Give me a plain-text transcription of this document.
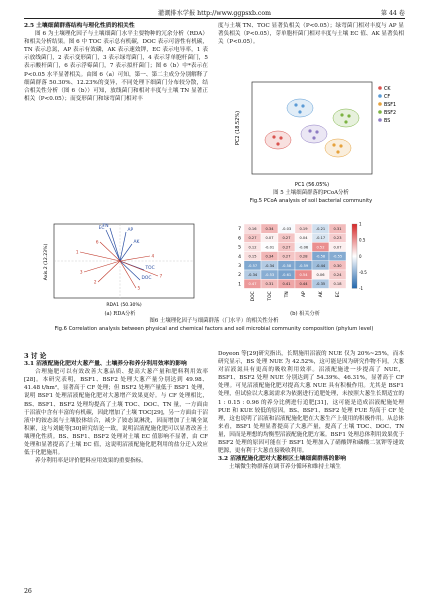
灌溉排水学报 http://www.ggpsxb.com	第 44 卷
2.5 土壤细菌群落结构与理化性质的相关性

图 6 为土壤理化因子与土壤细菌门水平主要物种的冗余分析（RDA）和相关分析结果。图 6 中 TOC 表示总有机碳，DOC 表示可溶性有机碳，TN 表示总氮，AP 表示有效磷，AK 表示速效钾，EC 表示电导率，1 表示放线菌门，2 表示变形菌门，3 表示绿弯菌门，4 表示芽单胞杆菌门，5 表示酸杆菌门，6 表示浮霉菌门，7 表示拟杆菌门；图 6（b）中*表示在 P<0.05 水平显著相关。由图 6（a）可知，第一、第二主成分分别解释了细菌群落 50.30%、12.23%的变异，不同处理下细菌门分布较分散，结合相关性分析（图 6（b））可知，放线菌门和相对丰度与土壤 TN 显著正相关（P<0.05）；而变形菌门和绿弯菌门相对丰

度与土壤 TN、TOC 显著负相关（P<0.05）；绿弯菌门相对丰度与 AP 显著负相关（P<0.05），芽单胞杆菌门相对丰度与土壤 EC 值、AK 显著负相关（P<0.05）。

PC1 (56.05%)
PC2 (18.52%)
CK
CF
BSF1
BSF2
BS
图 5 土壤细菌群落的PCoA分析
Fig.5 PCoA analysis of soil bacterial community
EC
TN
AP
AK
TOC
DOC
1
2
3
4
5
6
7
RDA1 (50.30%)
Axis.2 (12.23%)
(a) RDA分析
0.16 0.34 -0.03 0.19 -0.21 0.31
0.27 0.07 0.27 0.04 -0.17 0.23
0.12 -0.01 0.27 -0.06 0.52 0.07
0.15 0.34 0.27 0.28 -0.58 -0.55
-0.57 -0.34 -0.58 -0.59 -0.44 0.30
-0.34 -0.53 -0.61 0.54 0.06 0.24
0.47 0.31 0.41 0.44 -0.35 0.18
7
6
5
4
3
2
1
DOC	TOC	TN	AP	AK	EC
1
0.5
0
-0.5
-1
(b) 相关分析
图6 土壤理化因子与细菌群落（门水平）的相关性分析
Fig.6 Correlation analysis between physical and chemical factors and soil microbial community composition (phylum level)
3 讨 论
3.1 沼液配施化肥对大葱产量、土壤养分和养分利用效率的影响

合理施肥可以有效改善大葱品质、提高大葱产量和肥料利用效率[28]。本研究表明，BSF1、BSF2 处理大葱产量分别达到 49.98、41.48 t/hm²，显著高于 CF 处理；但 BSF2 处理产量低于 BSF1 处理，说明 BSF1 处理沼液配施化肥对大葱增产效果更好。与 CF 处理相比，BS、BSF1、BSF2 处理均提高了土壤 TOC、DOC、TN 量，一方面由于沼液中含有丰富的有机碳，因此增加了土壤 TOC[29]，另一方面由于沼液中的铵态氮与土壤胶体结合，减少了铵态氮淋洗，因而增加了土壤全氮积累，这与刘蜓等[30]研究结论一致，说明沼液配施化肥可以显著改善土壤理化性质。BS、BSF1、BSF2 处理对土壤 EC 值影响不显著，由 CF 处理和显著提高了土壤 EC 值，这说明沼液配施化肥利用的盐分迁入效应低于化肥施用。

养分利用率是评价肥料应用效果的重要指标。

Doyeon 等[29]研究指出，长期施用沼液的 NUE 仅为 20%~25%，而本研究显示，BS 处理 NUE 为 42.52%，这可能是因为研究作物不同，大葱对沼液氮具有更高的吸收利用效率。沼液配施进一步提高了 NUE，BSF1、BSF2 处理 NUE 分别达到了 54.39%、46.31%，显著高于 CF 处理。可见沼液配施化肥对提高大葱 NUE 具有积极作用。尤其是 BSF1 处理，但试验以大葱氮需求为依据进行追肥处理，未按照大葱生长期适宜的 1 : 0.15 : 0.96 的养分比例进行追肥[31]，这可能是造成沼液配施处理 PUE 和 KUE 较低的原因。BS、BSF1、BSF2 处理 FUE 均高于 CF 处理，这也说明了沼液和沼液配施化肥在大葱生产上使用的积极作用。从总体来看，BSF1 处理显著提高了大葱产量，提高了土壤 TOC、DOC、TN 量，因而是理想的均衡型沼液配施化肥方案。BSF1 处理总体利用效果优于 BSF2 处理的原因可能在于 BSF1 处理加入了硝酸钾和磷酸二氢钾等速效肥源，更有利于大葱直接吸收利用。

3.2 沼液配施化肥对大葱根区土壤细菌群落的影响

土壤微生物群落在调节养分循环和维持土壤生

26
